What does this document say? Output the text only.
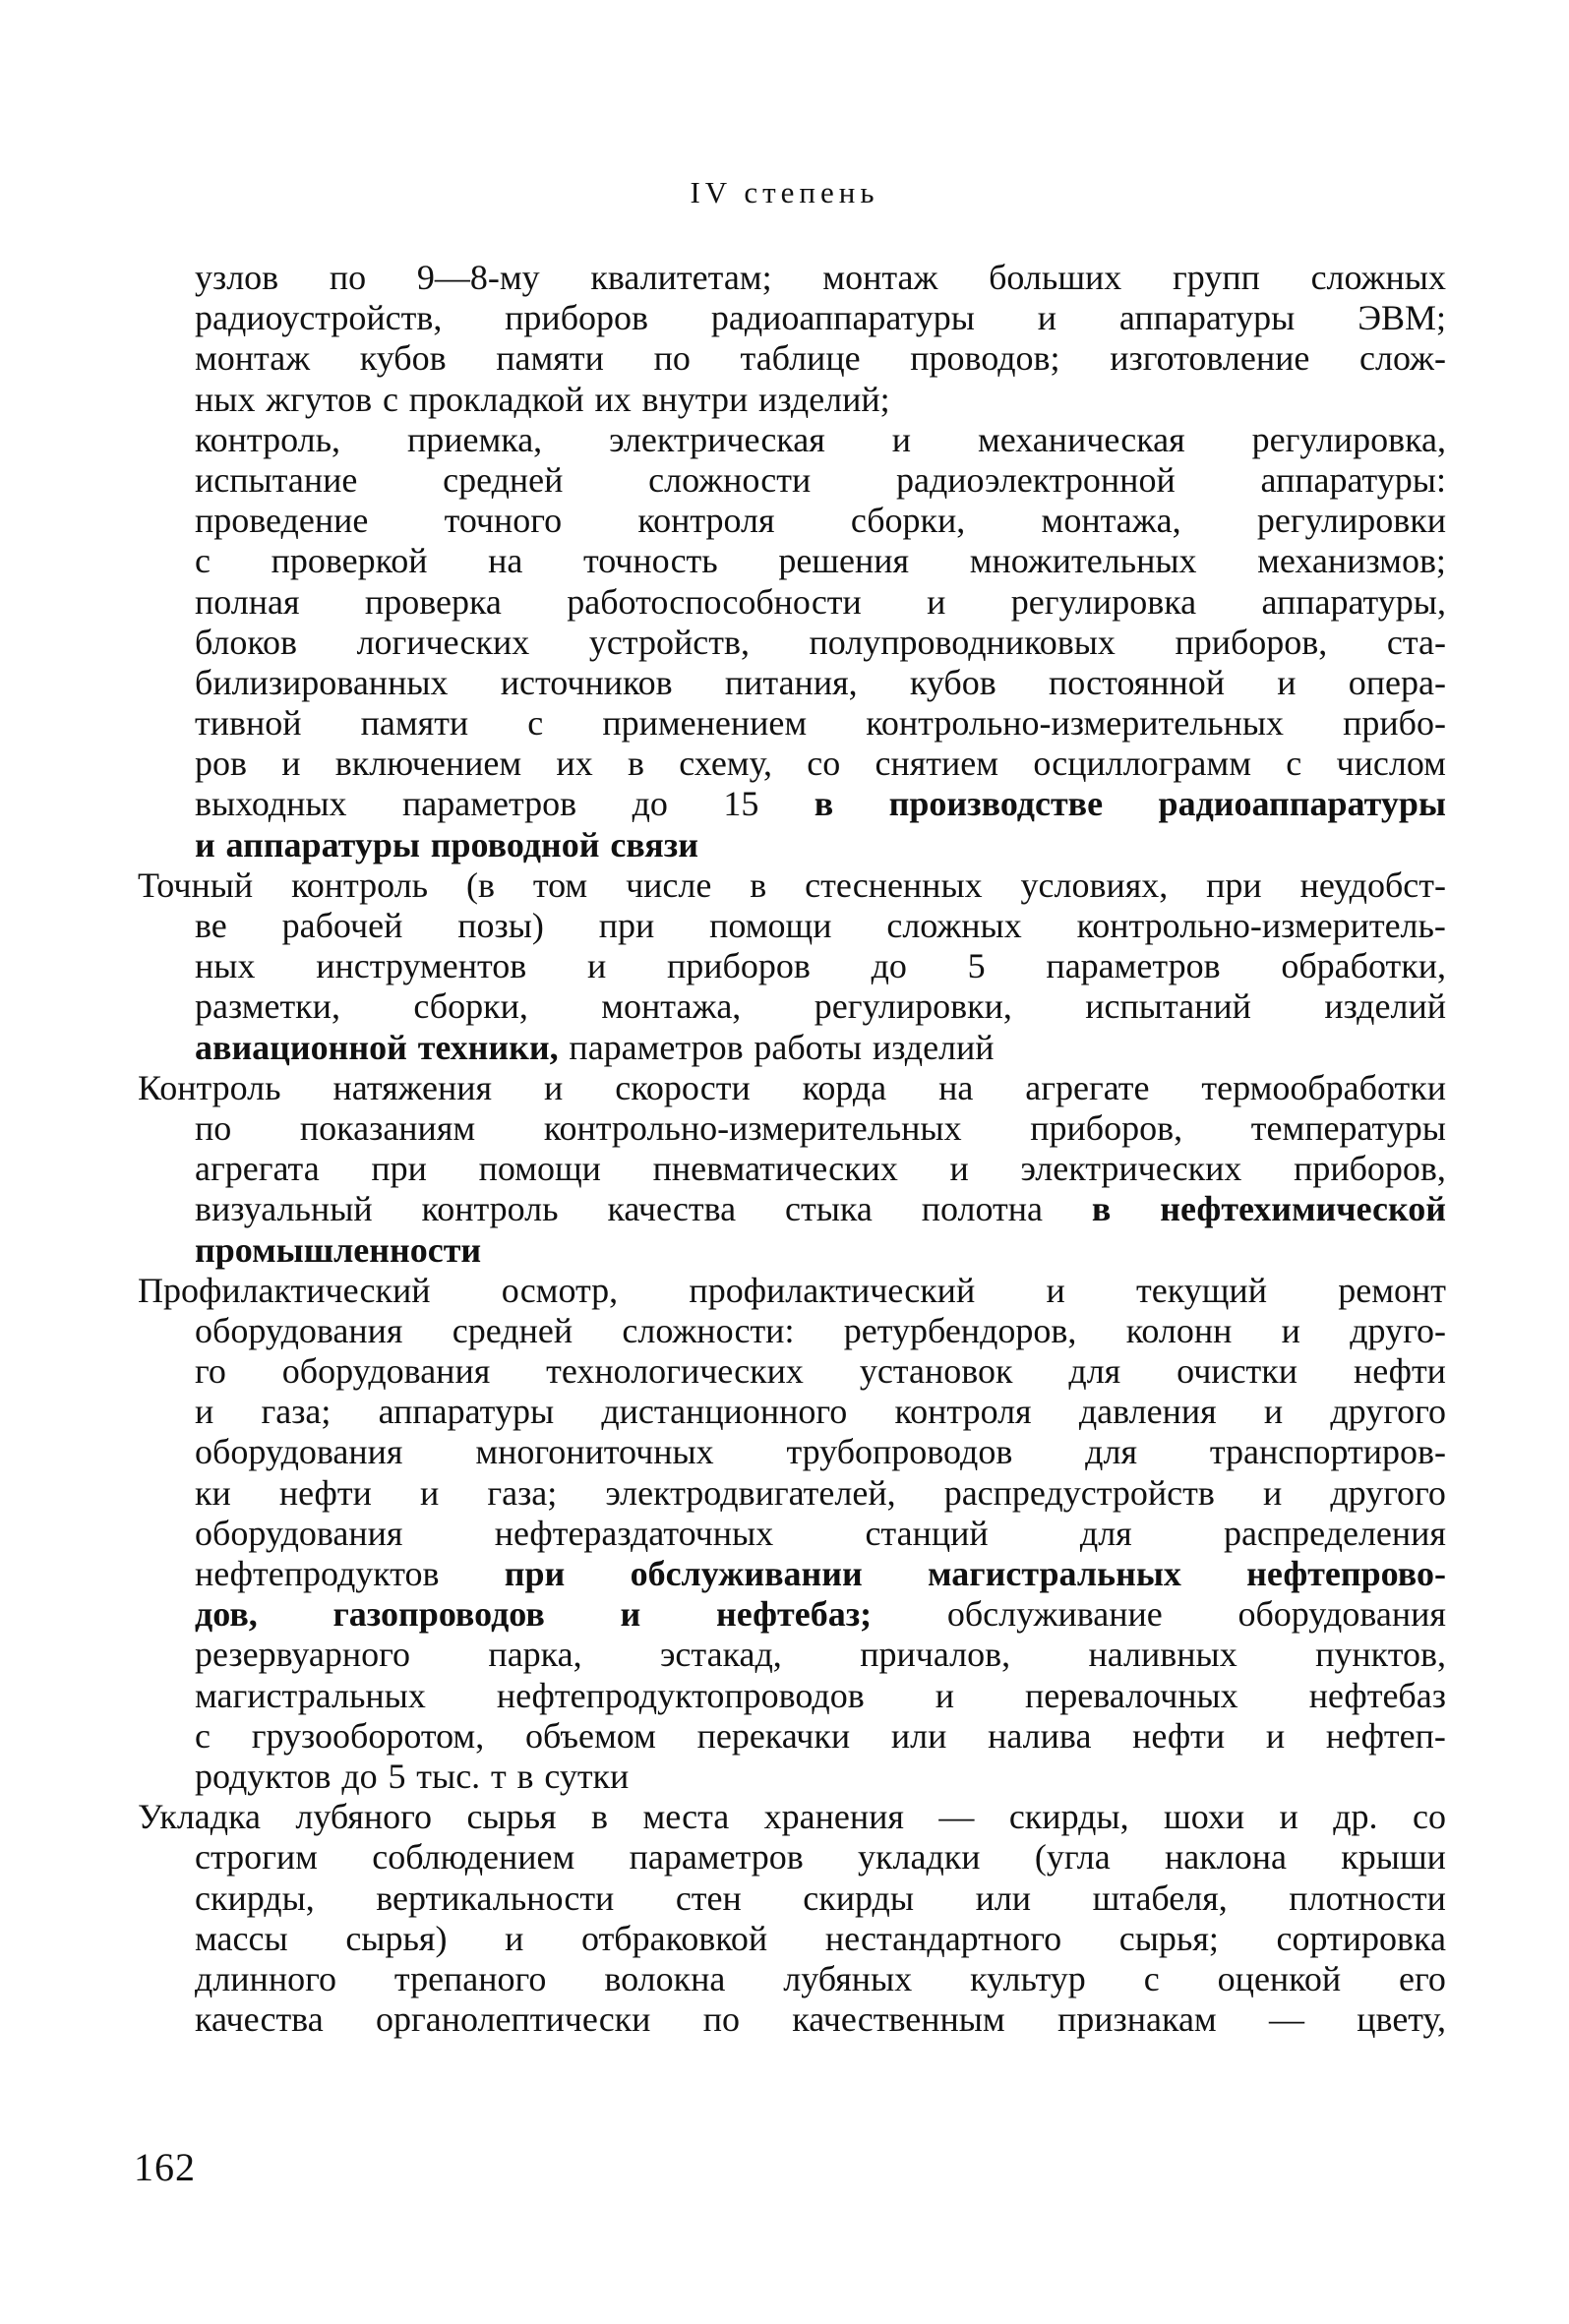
IV степень
узлов по 9—8-му квалитетам; монтаж больших групп сложных
радиоустройств, приборов радиоаппаратуры и аппаратуры ЭВМ;
монтаж кубов памяти по таблице проводов; изготовление слож-
ных жгутов с прокладкой их внутри изделий;
контроль, приемка, электрическая и механическая регулировка,
испытание средней сложности радиоэлектронной аппаратуры:
проведение точного контроля сборки, монтажа, регулировки
с проверкой на точность решения множительных механизмов;
полная проверка работоспособности и регулировка аппаратуры,
блоков логических устройств, полупроводниковых приборов, ста-
билизированных источников питания, кубов постоянной и опера-
тивной памяти с применением контрольно-измерительных прибо-
ров и включением их в схему, со снятием осциллограмм с числом
выходных параметров до 15 в производстве радиоаппаратуры
и аппаратуры проводной связи
Точный контроль (в том числе в стесненных условиях, при неудобст-
ве рабочей позы) при помощи сложных контрольно-измеритель-
ных инструментов и приборов до 5 параметров обработки,
разметки, сборки, монтажа, регулировки, испытаний изделий
авиационной техники, параметров работы изделий
Контроль натяжения и скорости корда на агрегате термообработки
по показаниям контрольно-измерительных приборов, температуры
агрегата при помощи пневматических и электрических приборов,
визуальный контроль качества стыка полотна в нефтехимической
промышленности
Профилактический осмотр, профилактический и текущий ремонт
оборудования средней сложности: ретурбендоров, колонн и друго-
го оборудования технологических установок для очистки нефти
и газа; аппаратуры дистанционного контроля давления и другого
оборудования многониточных трубопроводов для транспортиров-
ки нефти и газа; электродвигателей, распредустройств и другого
оборудования	нефтераздаточных	станций	для	распределения
нефтепродуктов при обслуживании магистральных нефтепрово-
дов, газопроводов и нефтебаз; обслуживание оборудования
резервуарного парка, эстакад, причалов, наливных пунктов,
магистральных нефтепродуктопроводов и перевалочных нефтебаз
с грузооборотом, объемом перекачки или налива нефти и нефтеп-
родуктов до 5 тыс. т в сутки
Укладка лубяного сырья в места хранения — скирды, шохи и др. со
строгим соблюдением параметров укладки (угла наклона крыши
скирды, вертикальности стен скирды или штабеля, плотности
массы сырья) и отбраковкой нестандартного сырья; сортировка
длинного трепаного волокна лубяных культур с оценкой его
качества органолептически по качественным признакам — цвету,
162
